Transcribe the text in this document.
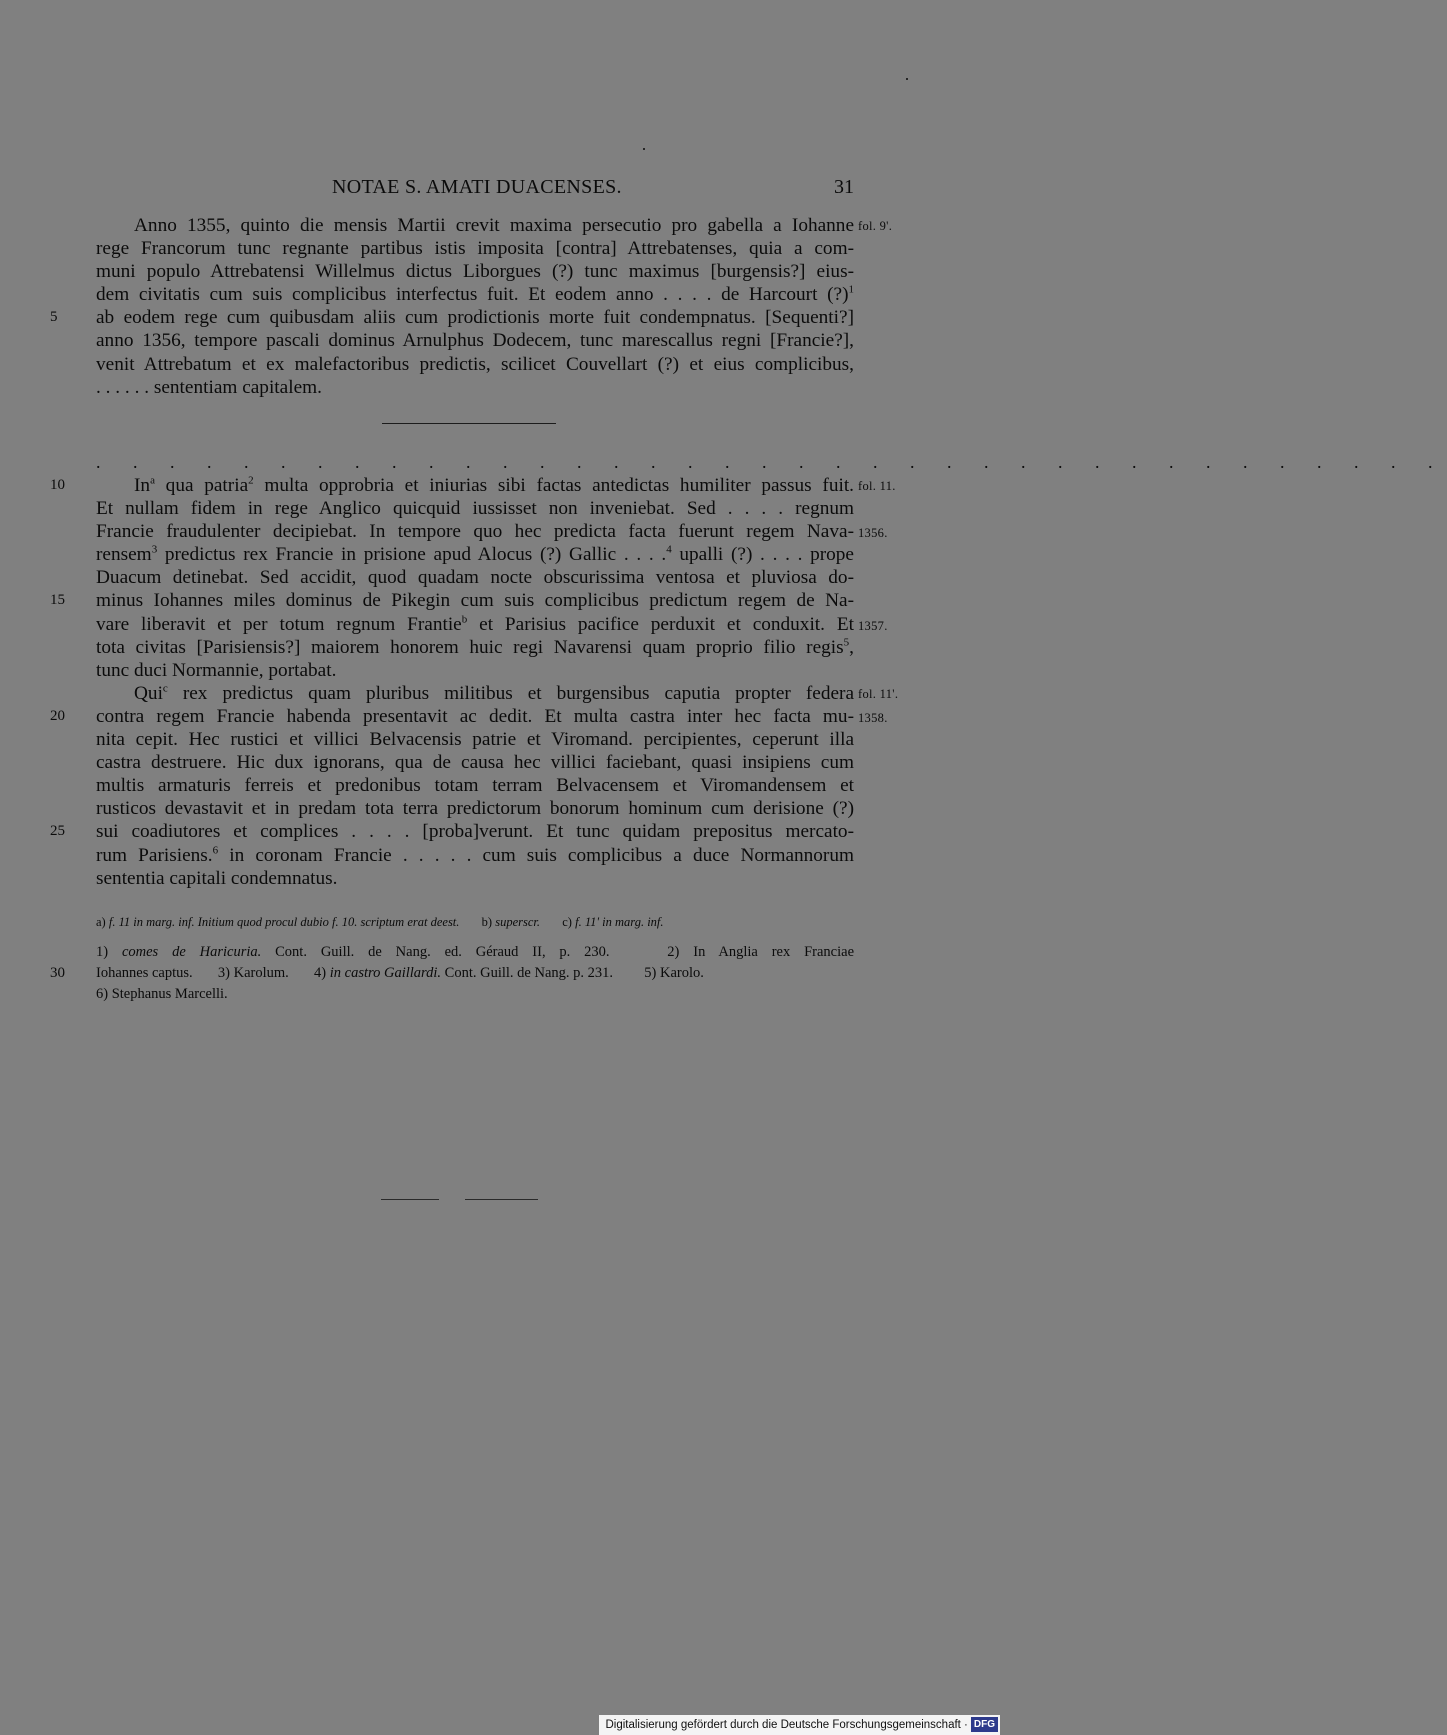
NOTAE S. AMATI DUACENSES.	31
Anno 1355, quinto die mensis Martii crevit maxima persecutio pro gabella a Iohanne fol. 9'.
rege Francorum tunc regnante partibus istis imposita [contra] Attrebatenses, quia a com-
muni populo Attrebatensi Willelmus dictus Liborgues (?) tunc maximus [burgensis?] eius-
dem civitatis cum suis complicibus interfectus fuit. Et eodem anno . . . . de Harcourt (?)$^1$
5	ab eodem rege cum quibusdam aliis cum prodictionis morte fuit condempnatus. [Sequenti?]
anno 1356, tempore pascali dominus Arnulphus Dodecem, tunc marescallus regni [Francie?],
venit Attrebatum et ex malefactoribus predictis, scilicet Couvellart (?) et eius complicibus,
. . . . . . sententiam capitalem.
. . . . . . . . . . . . . . . . . . . . . . . . . . . . . . . . . . . . .
10	In$^a$ qua patria$^2$ multa opprobria et iniurias sibi factas antedictas humiliter passus fuit. fol. 11.
Et nullam fidem in rege Anglico quicquid iussisset non inveniebat. Sed . . . . regnum
Francie fraudulenter decipiebat. In tempore quo hec predicta facta fuerunt regem Nava- 1356.
rensem$^3$ predictus rex Francie in prisione apud Alocus (?) Gallic . . . .$^4$ upalli (?) . . . . prope
Duacum detinebat. Sed accidit, quod quadam nocte obscurissima ventosa et pluviosa do-
15	minus Iohannes miles dominus de Pikegin cum suis complicibus predictum regem de Na-
vare liberavit et per totum regnum Frantie$^b$ et Parisius pacifice perduxit et conduxit. Et 1357.
tota civitas [Parisiensis?] maiorem honorem huic regi Navarensi quam proprio filio regis$^5$,
tunc duci Normannie, portabat.
Qui$^c$ rex predictus quam pluribus militibus et burgensibus caputia propter federa fol. 11'.
20	contra regem Francie habenda presentavit ac dedit. Et multa castra inter hec facta mu- 1358.
nita cepit. Hec rustici et villici Belvacensis patrie et Viromand. percipientes, ceperunt illa
castra destruere. Hic dux ignorans, qua de causa hec villici faciebant, quasi insipiens cum
multis armaturis ferreis et predonibus totam terram Belvacensem et Viromandensem et
rusticos devastavit et in predam tota terra predictorum bonorum hominum cum derisione (?)
25	sui coadiutores et complices . . . . [proba]verunt. Et tunc quidam prepositus mercato-
rum Parisiens.$^6$ in coronam Francie . . . . . cum suis complicibus a duce Normannorum
sententia capitali condemnatus.
a) f. 11 in marg. inf. Initium quod procul dubio f. 10. scriptum erat deest. b) superscr. c) f. 11' in marg. inf.
1) comes de Haricuria. Cont. Guill. de Nang. ed. Géraud II, p. 230.	2) In Anglia rex Franciae
30	Iohannes captus. 3) Karolum. 4) in castro Gaillardi. Cont. Guill. de Nang. p. 231. 5) Karolo.
6) Stephanus Marcelli.
Digitalisierung gefördert durch die Deutsche Forschungsgemeinschaft · DFG
